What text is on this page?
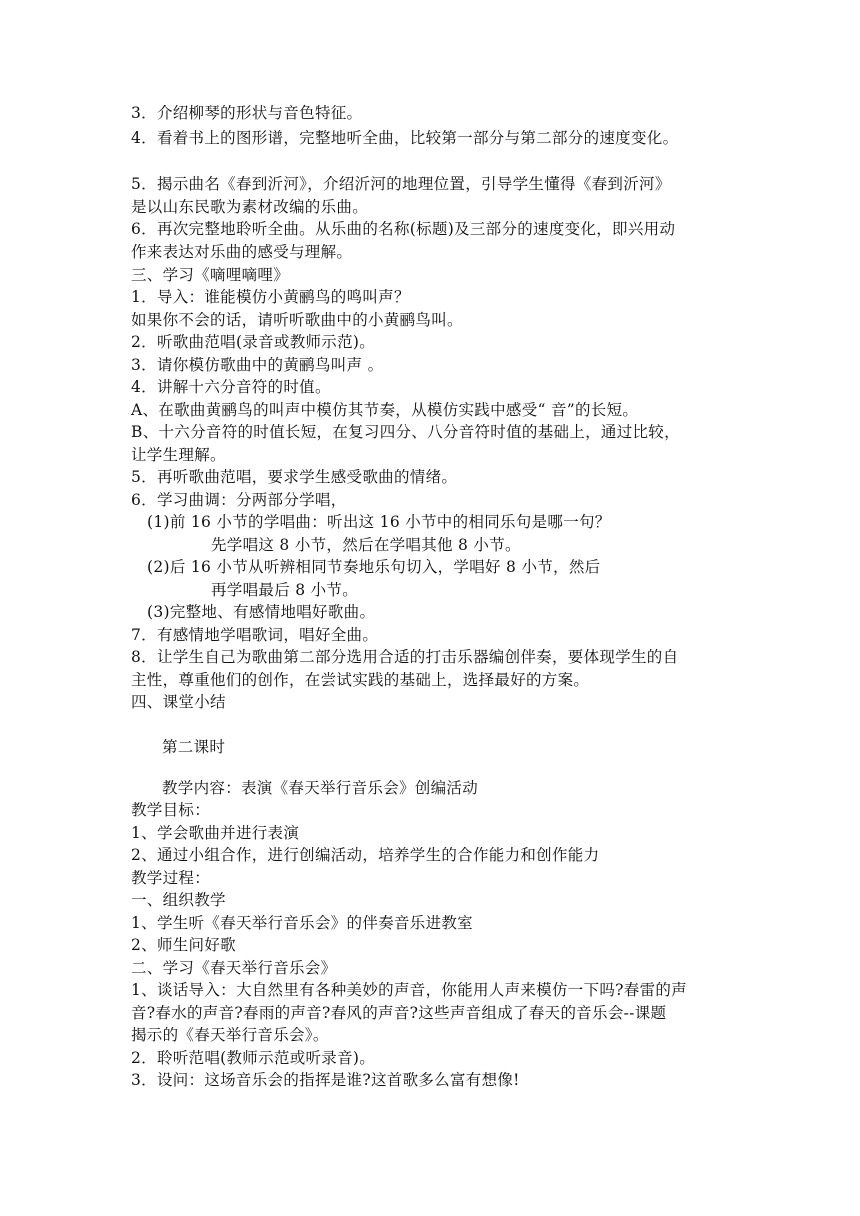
3．介绍柳琴的形状与音色特征。
4．看着书上的图形谱，完整地听全曲，比较第一部分与第二部分的速度变化。
5．揭示曲名《春到沂河》，介绍沂河的地理位置，引导学生懂得《春到沂河》
是以山东民歌为素材改编的乐曲。
6．再次完整地聆听全曲。从乐曲的名称(标题)及三部分的速度变化，即兴用动
作来表达对乐曲的感受与理解。
三、学习《嘀哩嘀哩》
1．导入：谁能模仿小黄鹂鸟的鸣叫声？
如果你不会的话，请听听歌曲中的小黄鹂鸟叫。
2．听歌曲范唱(录音或教师示范)。
3．请你模仿歌曲中的黄鹂鸟叫声 。
4．讲解十六分音符的时值。
A、在歌曲黄鹂鸟的叫声中模仿其节奏，从模仿实践中感受“ 音”的长短。
B、十六分音符的时值长短，在复习四分、八分音符时值的基础上，通过比较，
让学生理解。
5．再听歌曲范唱，要求学生感受歌曲的情绪。
6．学习曲调：分两部分学唱，
(1)前 16 小节的学唱曲：听出这 16 小节中的相同乐句是哪一句？
先学唱这 8 小节，然后在学唱其他 8 小节。
(2)后 16 小节从听辨相同节奏地乐句切入，学唱好 8 小节，然后
再学唱最后 8 小节。
(3)完整地、有感情地唱好歌曲。
7．有感情地学唱歌词，唱好全曲。
8．让学生自己为歌曲第二部分选用合适的打击乐器编创伴奏，要体现学生的自
主性，尊重他们的创作，在尝试实践的基础上，选择最好的方案。
四、课堂小结
第二课时
教学内容：表演《春天举行音乐会》创编活动
教学目标：
1、学会歌曲并进行表演
2、通过小组合作，进行创编活动，培养学生的合作能力和创作能力
教学过程：
一、组织教学
1、学生听《春天举行音乐会》的伴奏音乐进教室
2、师生问好歌
二、学习《春天举行音乐会》
1、谈话导入：大自然里有各种美妙的声音，你能用人声来模仿一下吗?春雷的声
音?春水的声音?春雨的声音?春风的声音?这些声音组成了春天的音乐会--课题
揭示的《春天举行音乐会》。
2．聆听范唱(教师示范或听录音)。
3．设问：这场音乐会的指挥是谁?这首歌多么富有想像!
